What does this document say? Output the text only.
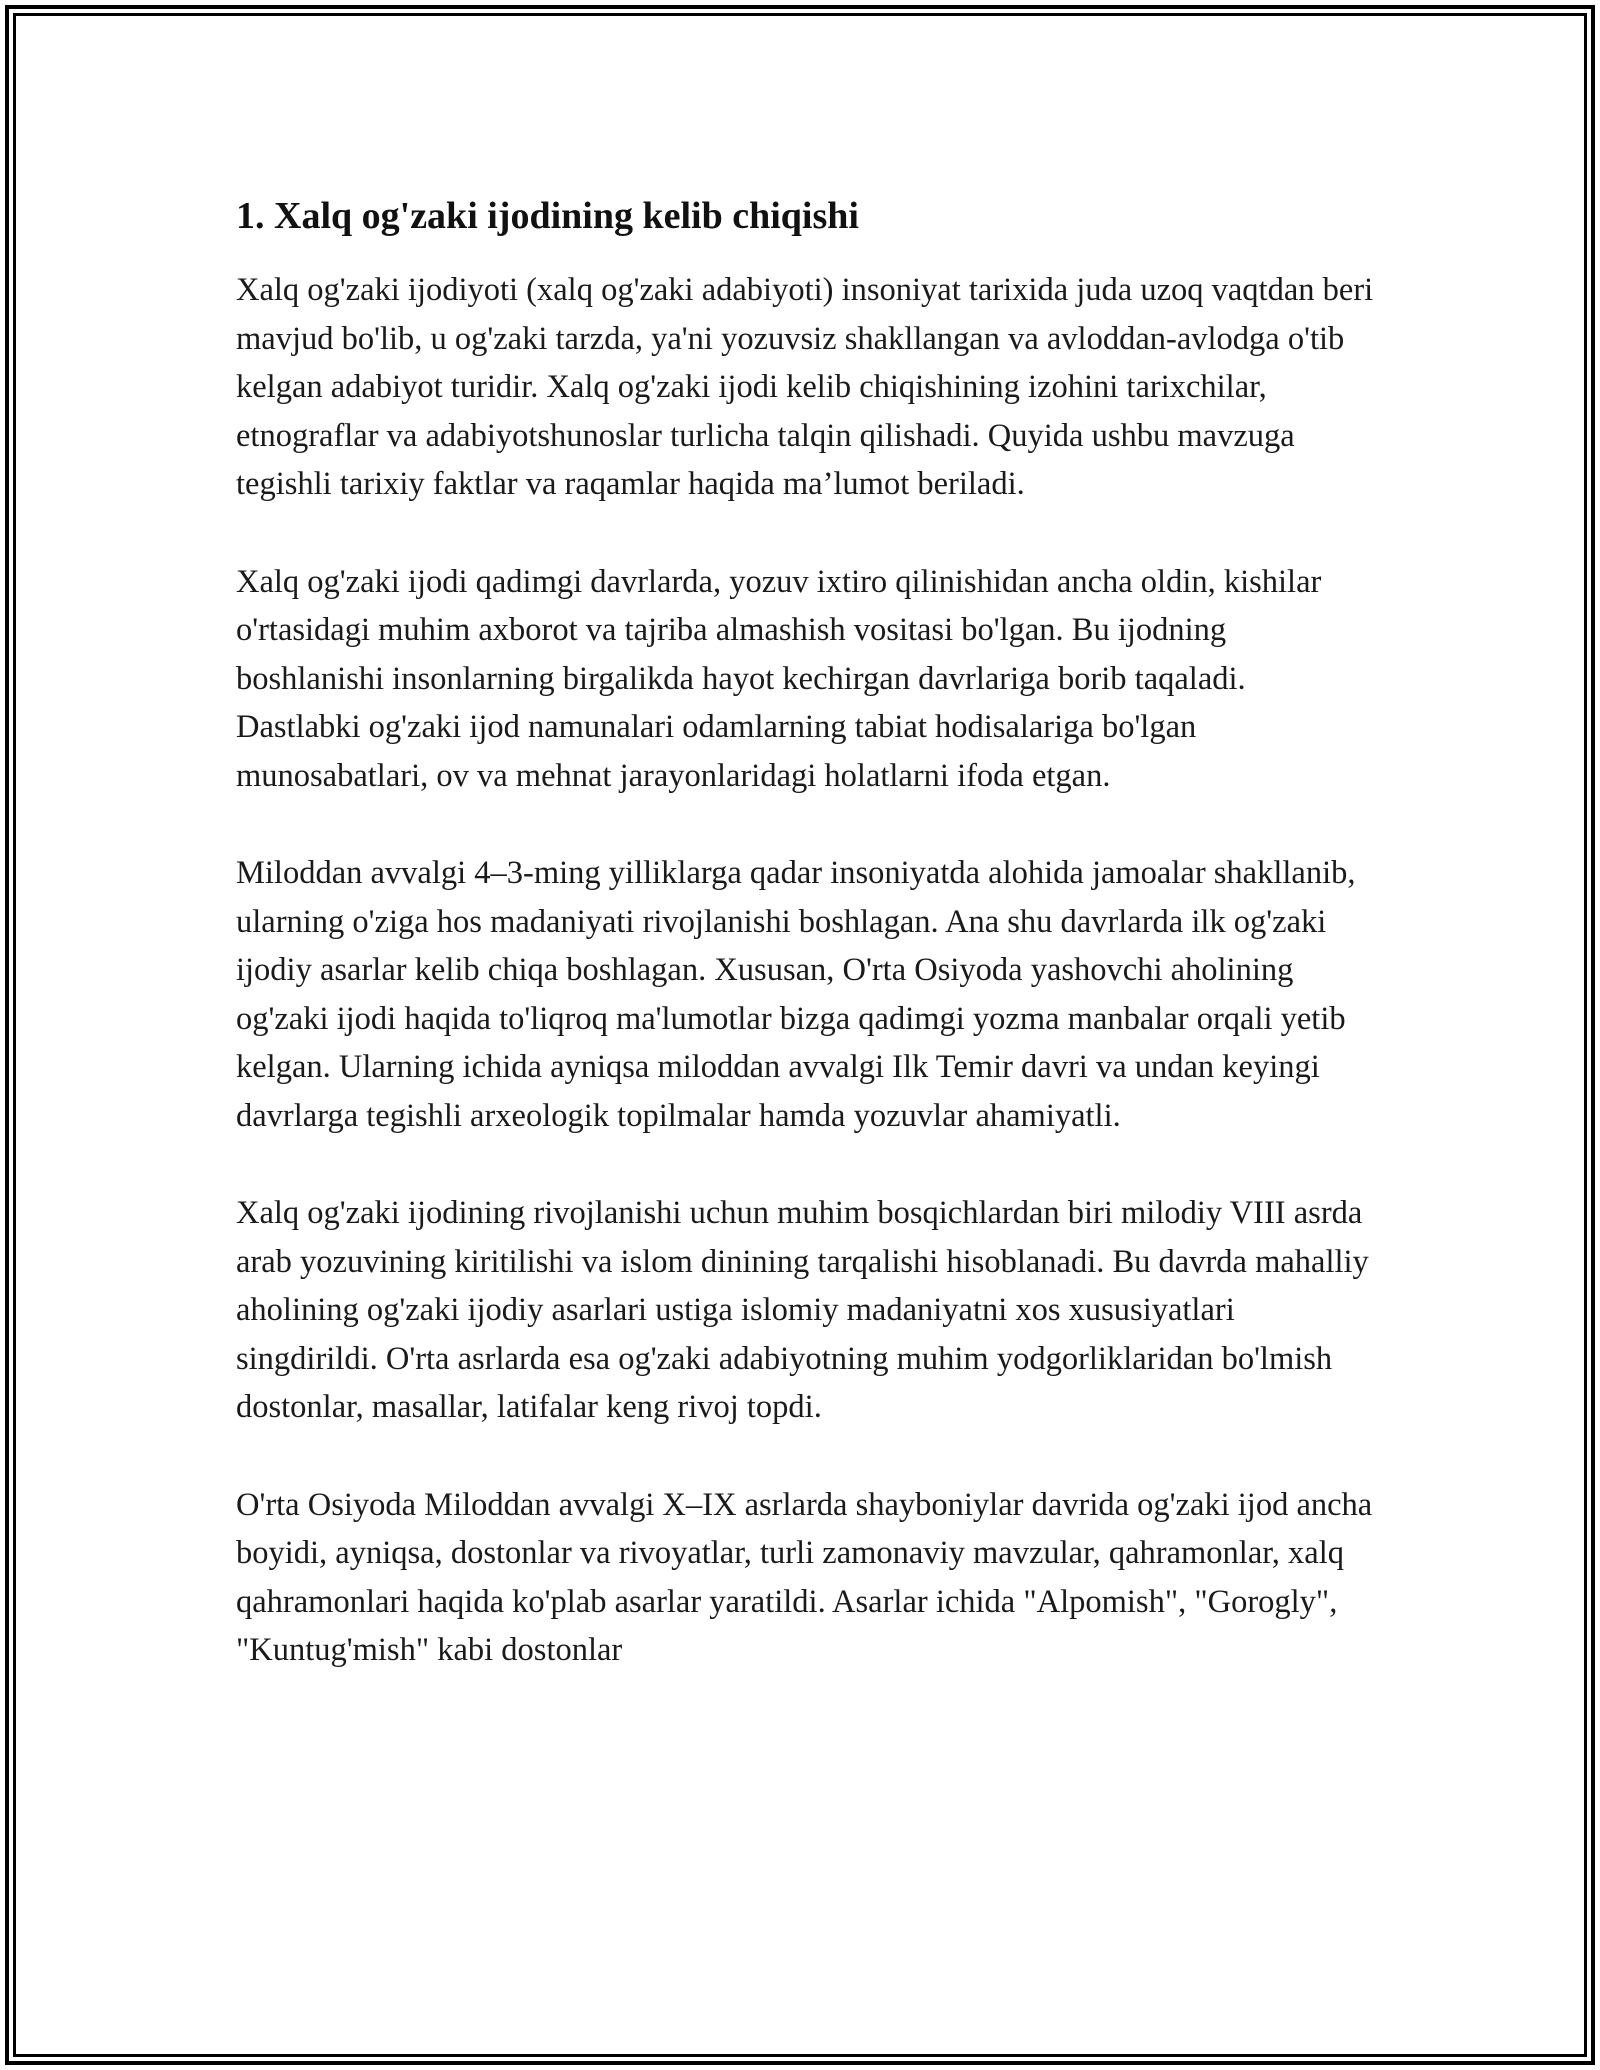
1. Xalq og'zaki ijodining kelib chiqishi

Xalq og'zaki ijodiyoti (xalq og'zaki adabiyoti) insoniyat tarixida juda uzoq vaqtdan beri mavjud bo'lib, u og'zaki tarzda, ya'ni yozuvsiz shakllangan va avloddan-avlodga o'tib kelgan adabiyot turidir. Xalq og'zaki ijodi kelib chiqishining izohini tarixchilar, etnograflar va adabiyotshunoslar turlicha talqin qilishadi. Quyida ushbu mavzuga tegishli tarixiy faktlar va raqamlar haqida ma’lumot beriladi.

Xalq og'zaki ijodi qadimgi davrlarda, yozuv ixtiro qilinishidan ancha oldin, kishilar o'rtasidagi muhim axborot va tajriba almashish vositasi bo'lgan. Bu ijodning boshlanishi insonlarning birgalikda hayot kechirgan davrlariga borib taqaladi. Dastlabki og'zaki ijod namunalari odamlarning tabiat hodisalariga bo'lgan munosabatlari, ov va mehnat jarayonlaridagi holatlarni ifoda etgan.

Miloddan avvalgi 4–3-ming yilliklarga qadar insoniyatda alohida jamoalar shakllanib, ularning o'ziga hos madaniyati rivojlanishi boshlagan. Ana shu davrlarda ilk og'zaki ijodiy asarlar kelib chiqa boshlagan. Xususan, O'rta Osiyoda yashovchi aholining og'zaki ijodi haqida to'liqroq ma'lumotlar bizga qadimgi yozma manbalar orqali yetib kelgan. Ularning ichida ayniqsa miloddan avvalgi Ilk Temir davri va undan keyingi davrlarga tegishli arxeologik topilmalar hamda yozuvlar ahamiyatli.

Xalq og'zaki ijodining rivojlanishi uchun muhim bosqichlardan biri milodiy VIII asrda arab yozuvining kiritilishi va islom dinining tarqalishi hisoblanadi. Bu davrda mahalliy aholining og'zaki ijodiy asarlari ustiga islomiy madaniyatni xos xususiyatlari singdirildi. O'rta asrlarda esa og'zaki adabiyotning muhim yodgorliklaridan bo'lmish dostonlar, masallar, latifalar keng rivoj topdi.

O'rta Osiyoda Miloddan avvalgi X–IX asrlarda shayboniylar davrida og'zaki ijod ancha boyidi, ayniqsa, dostonlar va rivoyatlar, turli zamonaviy mavzular, qahramonlar, xalq qahramonlari haqida ko'plab asarlar yaratildi. Asarlar ichida "Alpomish", "Gorogly", "Kuntug'mish" kabi dostonlar
